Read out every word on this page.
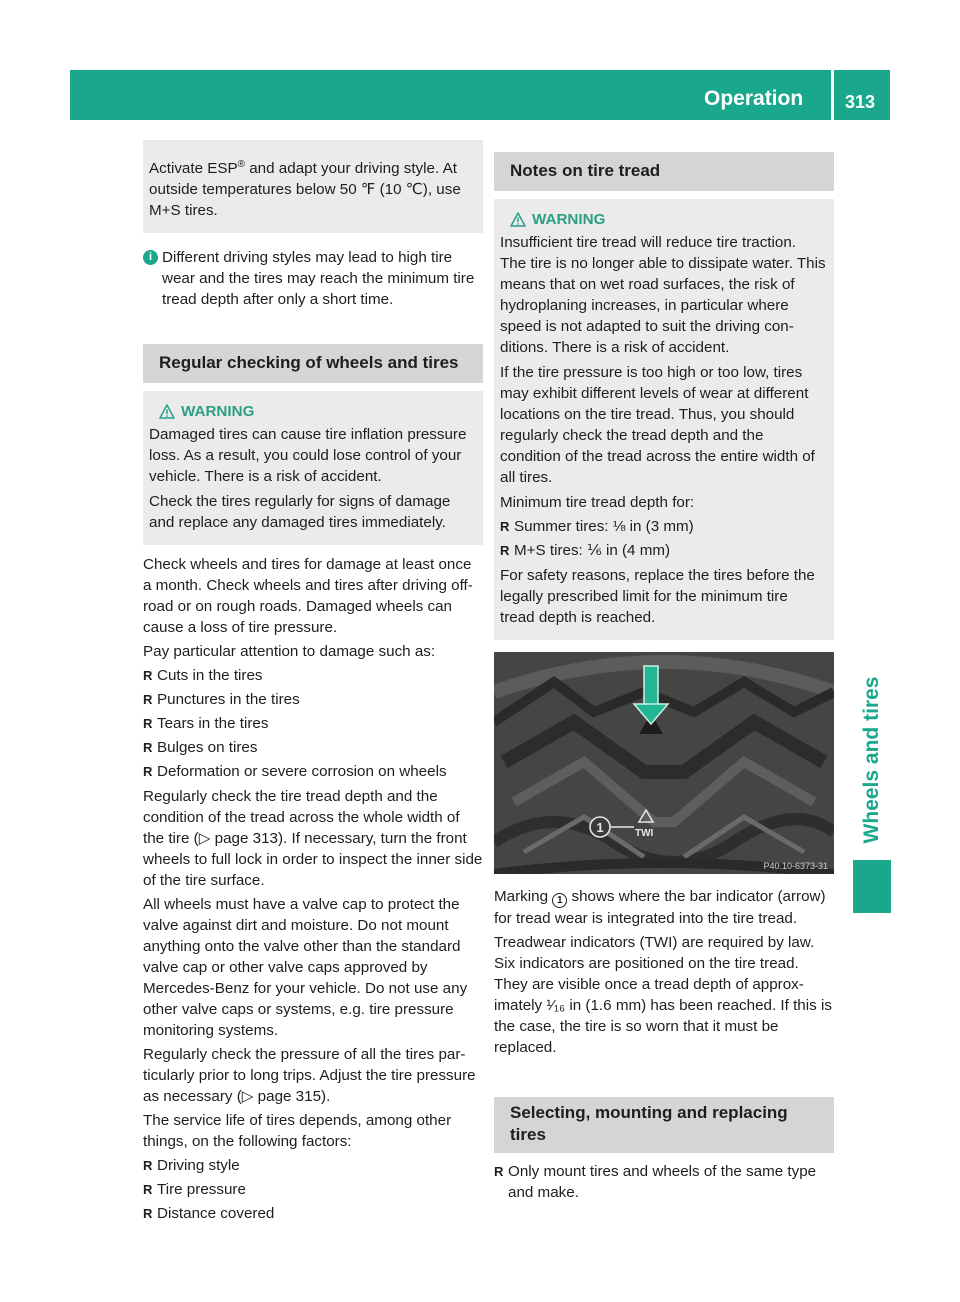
Operation 313
Wheels and tires

Activate ESP® and adapt your driving style. At outside temperatures below 50 ℉ (10 ℃), use M+S tires.

i Different driving styles may lead to high tire wear and the tires may reach the minimum tire tread depth after only a short time.

Regular checking of wheels and tires
WARNING

Damaged tires can cause tire inflation pressure loss. As a result, you could lose control of your vehicle. There is a risk of accident.

Check the tires regularly for signs of damage and replace any damaged tires immediately.

Check wheels and tires for damage at least once a month. Check wheels and tires after driving off-road or on rough roads. Damaged wheels can cause a loss of tire pressure.

Pay particular attention to damage such as:

R Cuts in the tires
R Punctures in the tires
R Tears in the tires
R Bulges on tires
R Deformation or severe corrosion on wheels

Regularly check the tire tread depth and the condition of the tread across the whole width of the tire (▷ page 313). If necessary, turn the front wheels to full lock in order to inspect the inner side of the tire surface.

All wheels must have a valve cap to protect the valve against dirt and moisture. Do not mount anything onto the valve other than the standard valve cap or other valve caps approved by Mercedes-Benz for your vehicle. Do not use any other valve caps or systems, e.g. tire pressure monitoring systems.

Regularly check the pressure of all the tires particularly prior to long trips. Adjust the tire pressure as necessary (▷ page 315).

The service life of tires depends, among other things, on the following factors:

R Driving style
R Tire pressure
R Distance covered
Notes on tire tread
WARNING

Insufficient tire tread will reduce tire traction. The tire is no longer able to dissipate water. This means that on wet road surfaces, the risk of hydroplaning increases, in particular where speed is not adapted to suit the driving conditions. There is a risk of accident.

If the tire pressure is too high or too low, tires may exhibit different levels of wear at different locations on the tire tread. Thus, you should regularly check the tread depth and the condition of the tread across the entire width of all tires.

Minimum tire tread depth for:

R Summer tires: ⅛ in (3 mm)
R M+S tires: ⅙ in (4 mm)

For safety reasons, replace the tires before the legally prescribed limit for the minimum tire tread depth is reached.

1	TWI
P40.10-6373-31

Marking 1 shows where the bar indicator (arrow) for tread wear is integrated into the tire tread.

Treadwear indicators (TWI) are required by law. Six indicators are positioned on the tire tread. They are visible once a tread depth of approximately ¹⁄₁₆ in (1.6 mm) has been reached. If this is the case, the tire is so worn that it must be replaced.

Selecting, mounting and replacing tires
R Only mount tires and wheels of the same type and make.
